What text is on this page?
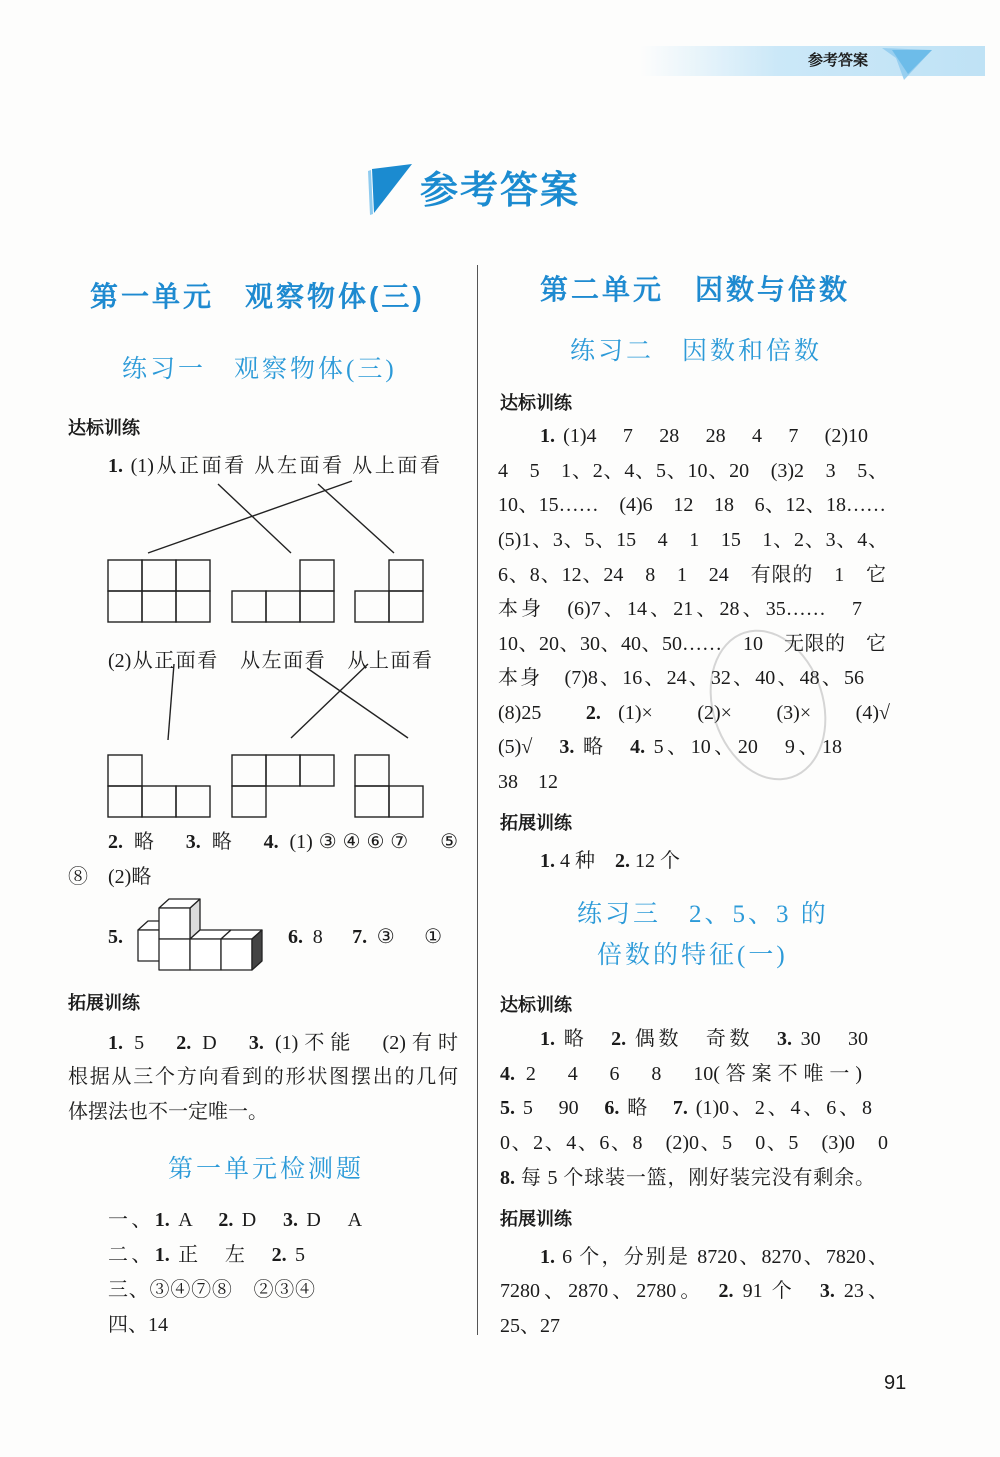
参考答案
参考答案
第一单元　观察物体(三)
练习一　观察物体(三)
达标训练
1. (1)从正面看 从左面看 从上面看
(2)从正面看　从左面看　从上面看
2. 略　3. 略　4. (1)③④⑥⑦　⑤
⑧　(2)略
5.	6. 8　7. ③　①
拓展训练
1. 5　2. D　3. (1)不能　(2)有时
根据从三个方向看到的形状图摆出的几何
体摆法也不一定唯一。
第一单元检测题
一、1. A　2. D　3. D　A
二、1. 正　左　2. 5
三、③④⑦⑧　②③④
四、14
第二单元　因数与倍数
练习二　因数和倍数
达标训练
1. (1)4　7　28　28　4　7　(2)10
4　5　1、2、4、5、10、20　(3)2　3　5、
10、15……　(4)6　12　18　6、12、18……
(5)1、3、5、15　4　1　15　1、2、3、4、
6、8、12、24　8　1　24　有限的　1　它
本身　(6)7、14、21、28、35……　7
10、20、30、40、50……　10　无限的　它
本身　(7)8、16、24、32、40、48、56
(8)25　2. (1)×　(2)×　(3)×　(4)√
(5)√　3. 略　4. 5、10、20　9、18
38　12
拓展训练
1. 4 种　2. 12 个
练习三　2、5、3 的
倍数的特征(一)
达标训练
1. 略　2. 偶数　奇数　3. 30　30
4. 2　4　6　8　10(答案不唯一)
5. 5　90　6. 略　7. (1)0、2、4、6、8
0、2、4、6、8　(2)0、5　0、5　(3)0　0
8. 每 5 个球装一篮，刚好装完没有剩余。
拓展训练
1. 6 个，分别是 8720、8270、7820、
7280、2870、2780。　2. 91 个　3. 23、
25、27
91
